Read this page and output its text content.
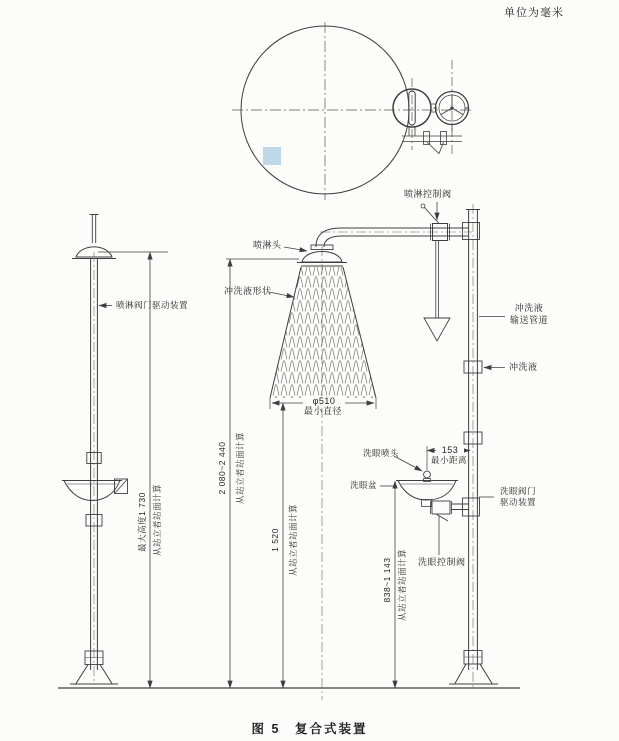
单位为毫米
喷淋控制阀
喷淋头
冲洗液形状
φ510
最小直径
喷淋阀门驱动装置
最大高度1 730 从站立者站面计算
2 080~2 440 从站立者站面计算
1 520 从站立者站面计算
838~1 143 从站立者站面计算
冲洗液
输送管道
冲洗液
洗眼喷头	153
最小距离
洗眼盆
洗眼阀门
驱动装置
洗眼控制阀
图 5　复合式装置
